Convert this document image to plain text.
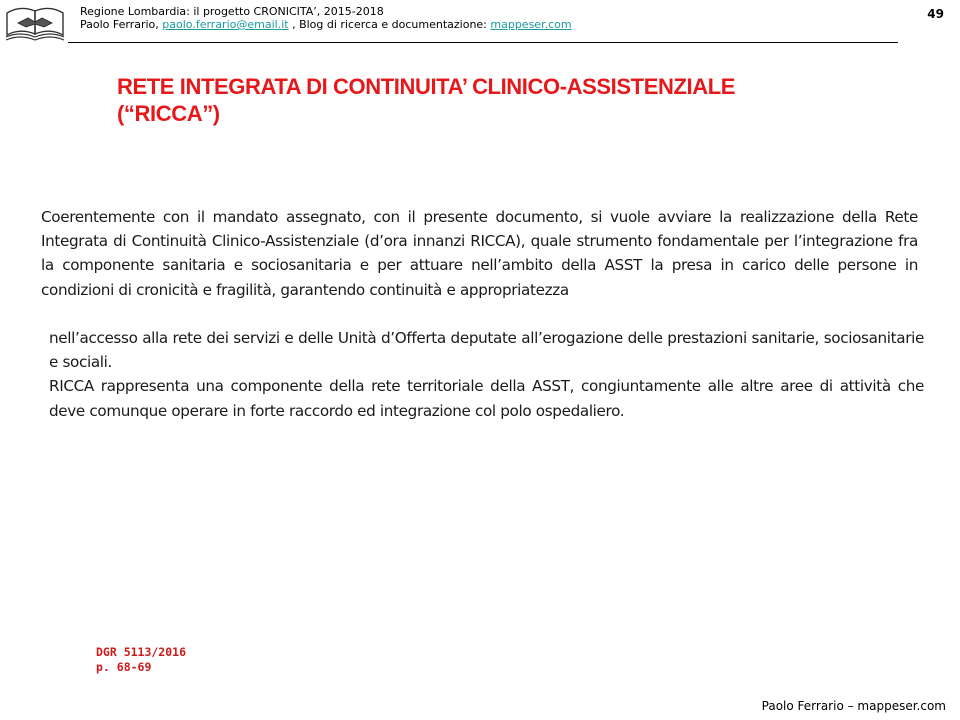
Regione Lombardia: il progetto CRONICITA’, 2015-2018
Paolo Ferrario, paolo.ferrario@email.it , Blog di ricerca e documentazione: mappeser.com
49
RETE INTEGRATA DI CONTINUITA’ CLINICO-ASSISTENZIALE
(“RICCA”)
Coerentemente con il mandato assegnato, con il presente documento, si vuole avviare la realizzazione della Rete Integrata di Continuità Clinico-Assistenziale (d’ora innanzi RICCA), quale strumento fondamentale per l’integrazione fra la componente sanitaria e sociosanitaria e per attuare nell’ambito della ASST la presa in carico delle persone in condizioni di cronicità e fragilità, garantendo continuità e appropriatezza
nell’accesso alla rete dei servizi e delle Unità d’Offerta deputate all’erogazione delle prestazioni sanitarie, sociosanitarie e sociali.
RICCA rappresenta una componente della rete territoriale della ASST, congiuntamente alle altre aree di attività che deve comunque operare in forte raccordo ed integrazione col polo ospedaliero.
DGR 5113/2016
p. 68-69
Paolo Ferrario – mappeser.com
